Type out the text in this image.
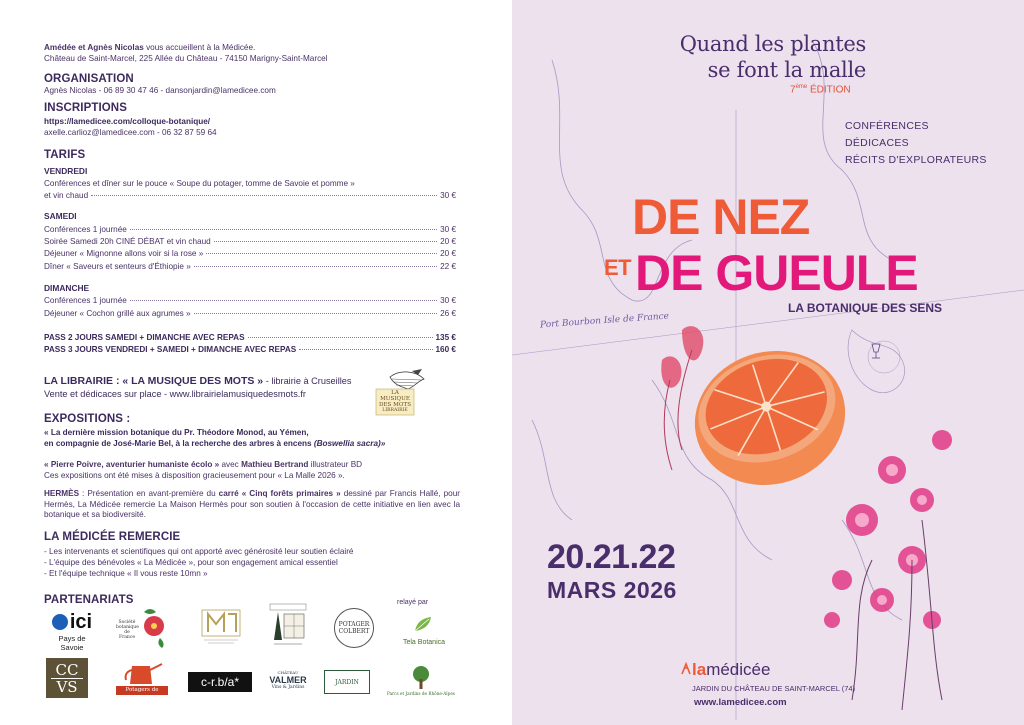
Amédée et Agnès Nicolas vous accueillent à la Médicée.
Château de Saint-Marcel, 225 Allée du Château - 74150 Marigny-Saint-Marcel
ORGANISATION
Agnès Nicolas - 06 89 30 47 46 - dansonjardin@lamedicee.com
INSCRIPTIONS
https://lamedicee.com/colloque-botanique/
axelle.carlioz@lamedicee.com - 06 32 87 59 64
TARIFS
VENDREDI
Conférences et dîner sur le pouce « Soupe du potager, tomme de Savoie et pomme »
et vin chaud	30 €
SAMEDI
Conférences 1 journée	30 €
Soirée Samedi 20h CINÉ DÉBAT et vin chaud	20 €
Déjeuner « Mignonne allons voir si la rose »	20 €
Dîner « Saveurs et senteurs d'Éthiopie »	22 €
DIMANCHE
Conférences 1 journée	30 €
Déjeuner « Cochon grillé aux agrumes »	26 €
PASS 2 JOURS SAMEDI + DIMANCHE AVEC REPAS	135 €
PASS 3 JOURS VENDREDI + SAMEDI + DIMANCHE AVEC REPAS	160 €
LA LIBRAIRIE : « LA MUSIQUE DES MOTS » - librairie à Cruseilles
Vente et dédicaces sur place - www.librairielamusiquedesmots.fr	LA
MUSIQUE
DES MOTS
LIBRAIRIE
EXPOSITIONS :
« La dernière mission botanique du Pr. Théodore Monod, au Yémen,
en compagnie de José-Marie Bel, à la recherche des arbres à encens (Boswellia sacra)»
« Pierre Poivre, aventurier humaniste écolo » avec Mathieu Bertrand illustrateur BD
Ces expositions ont été mises à disposition gracieusement pour « La Malle 2026 ».
HERMÈS : Présentation en avant-première du carré « Cinq forêts primaires » dessiné par Francis Hallé, pour Hermès, La Médicée remercie La Maison Hermès pour son soutien à l'occasion de cette initiative en lien avec la botanique et sa biodiversité.
LA MÉDICÉE REMERCIE
- Les intervenants et scientifiques qui ont apporté avec générosité leur soutien éclairé
- L'équipe des bénévoles « La Médicée », pour son engagement amical essentiel
- Et l'équipe technique « Il vous reste 10mn »
PARTENARIATS	relayé par
ici
Pays de Savoie
Société botanique de France
POTAGER COLBERT
Tela Botanica
CC
VS	Potagers de France
c-r.b/a*
CHÂTEAU
VALMER
Vins & Jardins
JARDIN
Parcs et Jardins de Rhône-Alpes
Quand les plantes
se font la malle
7ème ÉDITION
CONFÉRENCES
DÉDICACES
RÉCITS D'EXPLORATEURS
DE NEZ
ET DE GUEULE
LA BOTANIQUE DES SENS
Port Bourbon Isle de France
20.21.22
MARS 2026
lamédicée
JARDIN DU CHÂTEAU DE SAINT-MARCEL (74)
www.lamedicee.com
